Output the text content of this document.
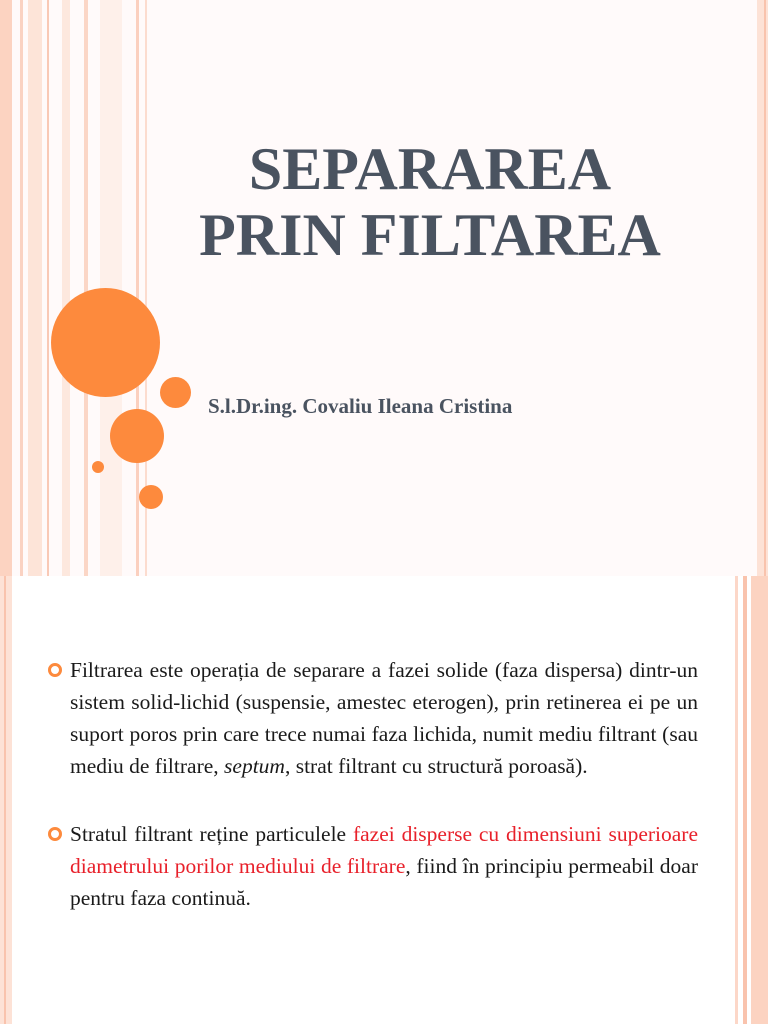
SEPARAREA
PRIN FILTAREA

S.l.Dr.ing. Covaliu Ileana Cristina

Filtrarea este operația de separare a fazei solide (faza dispersa) dintr-un sistem solid-lichid (suspensie, amestec eterogen), prin retinerea ei pe un suport poros prin care trece numai faza lichida, numit mediu filtrant (sau mediu de filtrare, septum, strat filtrant cu structură poroasă).
Stratul filtrant reține particulele fazei disperse cu dimensiuni superioare diametrului porilor mediului de filtrare, fiind în principiu permeabil doar pentru faza continuă.
